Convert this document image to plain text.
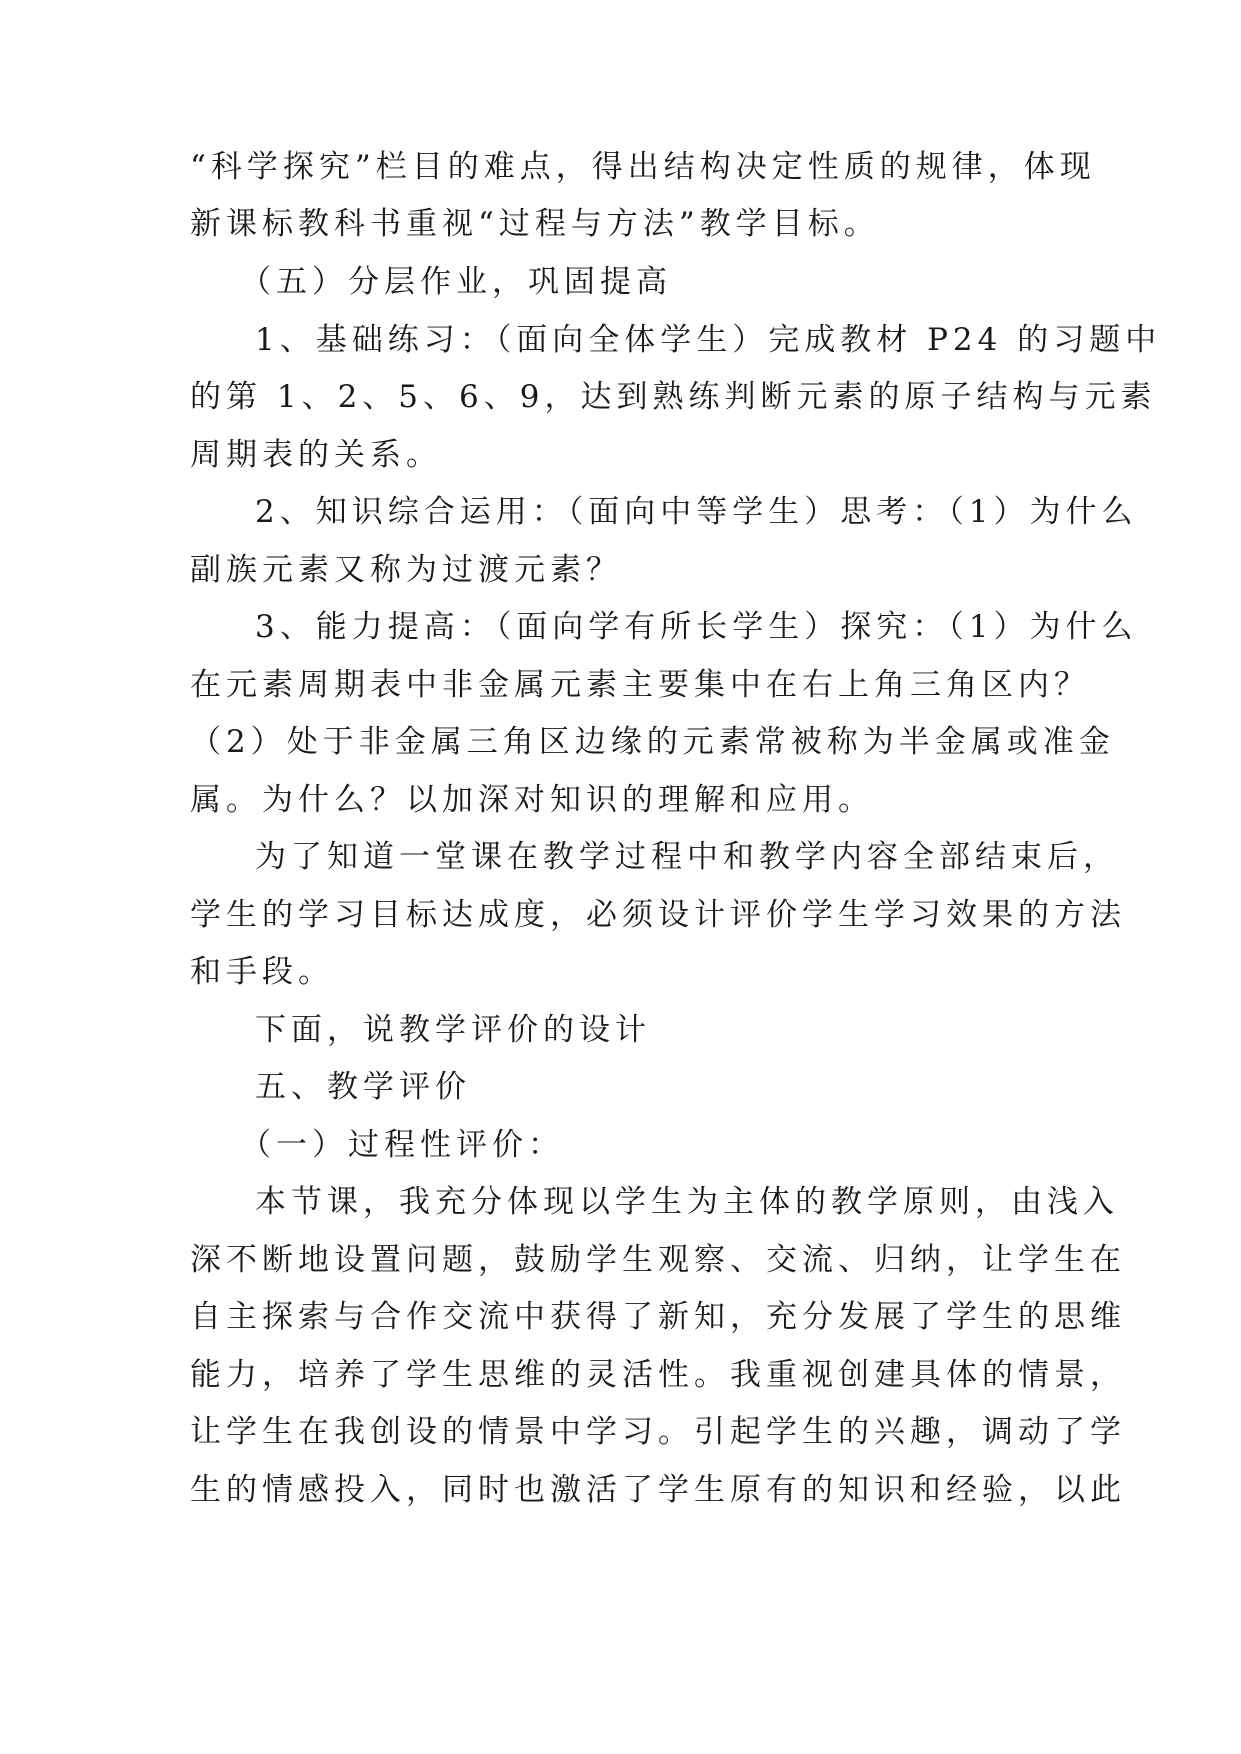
“科学探究”栏目的难点，得出结构决定性质的规律，体现
新课标教科书重视“过程与方法”教学目标。
（五）分层作业，巩固提高
1、基础练习：（面向全体学生）完成教材 P24 的习题中
的第 1、2、5、6、9，达到熟练判断元素的原子结构与元素
周期表的关系。
2、知识综合运用：（面向中等学生）思考：（1）为什么
副族元素又称为过渡元素？
3、能力提高：（面向学有所长学生）探究：（1）为什么
在元素周期表中非金属元素主要集中在右上角三角区内？
（2）处于非金属三角区边缘的元素常被称为半金属或准金
属。为什么？以加深对知识的理解和应用。
为了知道一堂课在教学过程中和教学内容全部结束后，
学生的学习目标达成度，必须设计评价学生学习效果的方法
和手段。
下面，说教学评价的设计
五、教学评价
（一）过程性评价：
本节课，我充分体现以学生为主体的教学原则，由浅入
深不断地设置问题，鼓励学生观察、交流、归纳，让学生在
自主探索与合作交流中获得了新知，充分发展了学生的思维
能力，培养了学生思维的灵活性。我重视创建具体的情景，
让学生在我创设的情景中学习。引起学生的兴趣，调动了学
生的情感投入，同时也激活了学生原有的知识和经验，以此
